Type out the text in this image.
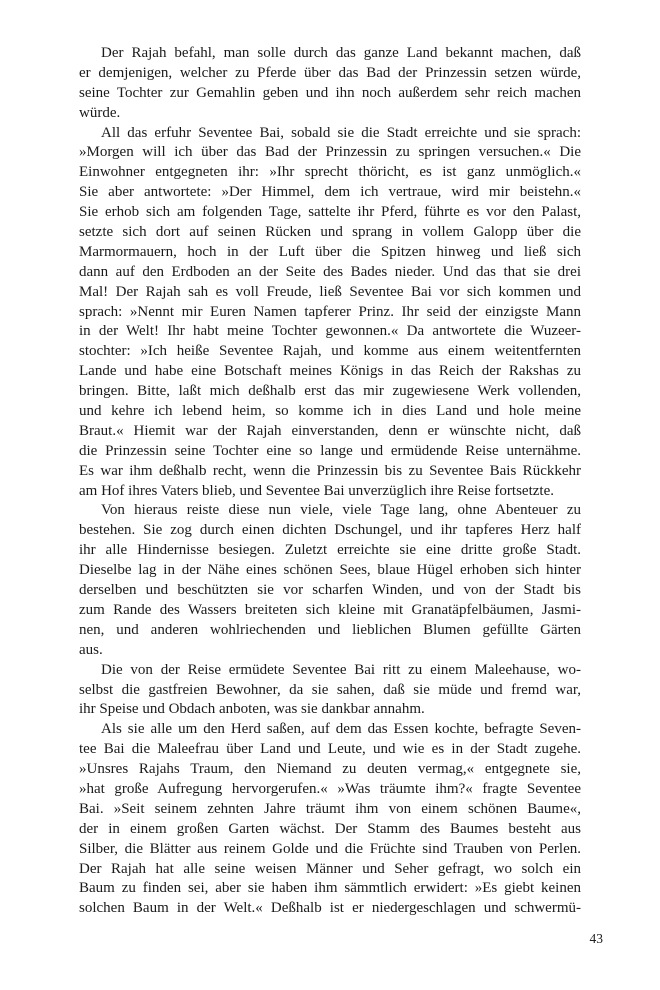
Der Rajah befahl, man solle durch das ganze Land bekannt machen, daß
er demjenigen, welcher zu Pferde über das Bad der Prinzessin setzen würde,
seine Tochter zur Gemahlin geben und ihn noch außerdem sehr reich machen
würde.
All das erfuhr Seventee Bai, sobald sie die Stadt erreichte und sie sprach:
»Morgen will ich über das Bad der Prinzessin zu springen versuchen.« Die
Einwohner entgegneten ihr: »Ihr sprecht thöricht, es ist ganz unmöglich.«
Sie aber antwortete: »Der Himmel, dem ich vertraue, wird mir beistehn.«
Sie erhob sich am folgenden Tage, sattelte ihr Pferd, führte es vor den Palast,
setzte sich dort auf seinen Rücken und sprang in vollem Galopp über die
Marmormauern, hoch in der Luft über die Spitzen hinweg und ließ sich
dann auf den Erdboden an der Seite des Bades nieder. Und das that sie drei
Mal! Der Rajah sah es voll Freude, ließ Seventee Bai vor sich kommen und
sprach: »Nennt mir Euren Namen tapferer Prinz. Ihr seid der einzigste Mann
in der Welt! Ihr habt meine Tochter gewonnen.« Da antwortete die Wuzeer-
stochter: »Ich heiße Seventee Rajah, und komme aus einem weitentfernten
Lande und habe eine Botschaft meines Königs in das Reich der Rakshas zu
bringen. Bitte, laßt mich deßhalb erst das mir zugewiesene Werk vollenden,
und kehre ich lebend heim, so komme ich in dies Land und hole meine
Braut.« Hiemit war der Rajah einverstanden, denn er wünschte nicht, daß
die Prinzessin seine Tochter eine so lange und ermüdende Reise unternähme.
Es war ihm deßhalb recht, wenn die Prinzessin bis zu Seventee Bais Rückkehr
am Hof ihres Vaters blieb, und Seventee Bai unverzüglich ihre Reise fortsetzte.
Von hieraus reiste diese nun viele, viele Tage lang, ohne Abenteuer zu
bestehen. Sie zog durch einen dichten Dschungel, und ihr tapferes Herz half
ihr alle Hindernisse besiegen. Zuletzt erreichte sie eine dritte große Stadt.
Dieselbe lag in der Nähe eines schönen Sees, blaue Hügel erhoben sich hinter
derselben und beschützten sie vor scharfen Winden, und von der Stadt bis
zum Rande des Wassers breiteten sich kleine mit Granatäpfelbäumen, Jasmi-
nen, und anderen wohlriechenden und lieblichen Blumen gefüllte Gärten
aus.
Die von der Reise ermüdete Seventee Bai ritt zu einem Maleehause, wo-
selbst die gastfreien Bewohner, da sie sahen, daß sie müde und fremd war,
ihr Speise und Obdach anboten, was sie dankbar annahm.
Als sie alle um den Herd saßen, auf dem das Essen kochte, befragte Seven-
tee Bai die Maleefrau über Land und Leute, und wie es in der Stadt zugehe.
»Unsres Rajahs Traum, den Niemand zu deuten vermag,« entgegnete sie,
»hat große Aufregung hervorgerufen.« »Was träumte ihm?« fragte Seventee
Bai. »Seit seinem zehnten Jahre träumt ihm von einem schönen Baume«,
der in einem großen Garten wächst. Der Stamm des Baumes besteht aus
Silber, die Blätter aus reinem Golde und die Früchte sind Trauben von Perlen.
Der Rajah hat alle seine weisen Männer und Seher gefragt, wo solch ein
Baum zu finden sei, aber sie haben ihm sämmtlich erwidert: »Es giebt keinen
solchen Baum in der Welt.« Deßhalb ist er niedergeschlagen und schwermü-
43
